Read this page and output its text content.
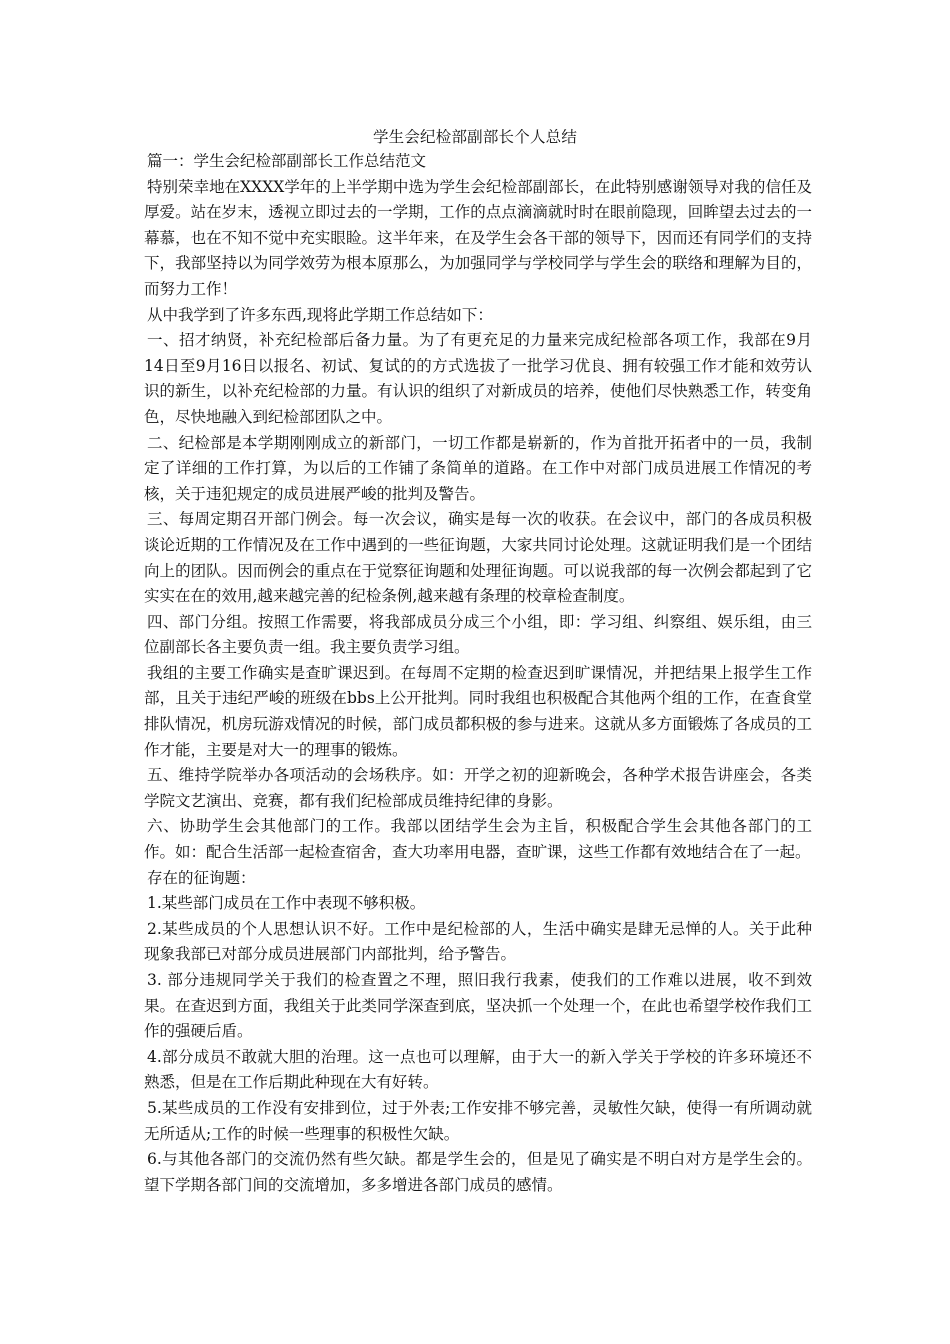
学生会纪检部副部长个人总结

篇一：学生会纪检部副部长工作总结范文

特别荣幸地在XXXX学年的上半学期中选为学生会纪检部副部长，在此特别感谢领导对我的信任及厚爱。站在岁末，透视立即过去的一学期，工作的点点滴滴就时时在眼前隐现，回眸望去过去的一幕慕，也在不知不觉中充实眼睑。这半年来，在及学生会各干部的领导下，因而还有同学们的支持下，我部坚持以为同学效劳为根本原那么，为加强同学与学校同学与学生会的联络和理解为目的，而努力工作！

从中我学到了许多东西,现将此学期工作总结如下：

一、招才纳贤，补充纪检部后备力量。为了有更充足的力量来完成纪检部各项工作，我部在9月14日至9月16日以报名、初试、复试的的方式选拔了一批学习优良、拥有较强工作才能和效劳认识的新生，以补充纪检部的力量。有认识的组织了对新成员的培养，使他们尽快熟悉工作，转变角色，尽快地融入到纪检部团队之中。

二、纪检部是本学期刚刚成立的新部门，一切工作都是崭新的，作为首批开拓者中的一员，我制定了详细的工作打算，为以后的工作铺了条简单的道路。在工作中对部门成员进展工作情况的考核，关于违犯规定的成员进展严峻的批判及警告。

三、每周定期召开部门例会。每一次会议，确实是每一次的收获。在会议中，部门的各成员积极谈论近期的工作情况及在工作中遇到的一些征询题，大家共同讨论处理。这就证明我们是一个团结向上的团队。因而例会的重点在于觉察征询题和处理征询题。可以说我部的每一次例会都起到了它实实在在的效用,越来越完善的纪检条例,越来越有条理的校章检查制度。

四、部门分组。按照工作需要，将我部成员分成三个小组，即：学习组、纠察组、娱乐组，由三位副部长各主要负责一组。我主要负责学习组。

我组的主要工作确实是查旷课迟到。在每周不定期的检查迟到旷课情况，并把结果上报学生工作部，且关于违纪严峻的班级在bbs上公开批判。同时我组也积极配合其他两个组的工作，在查食堂排队情况，机房玩游戏情况的时候，部门成员都积极的参与进来。这就从多方面锻炼了各成员的工作才能，主要是对大一的理事的锻炼。

五、维持学院举办各项活动的会场秩序。如：开学之初的迎新晚会，各种学术报告讲座会，各类学院文艺演出、竞赛，都有我们纪检部成员维持纪律的身影。

六、协助学生会其他部门的工作。我部以团结学生会为主旨，积极配合学生会其他各部门的工作。如：配合生活部一起检查宿舍，查大功率用电器，查旷课，这些工作都有效地结合在了一起。

存在的征询题：

1.某些部门成员在工作中表现不够积极。

2.某些成员的个人思想认识不好。工作中是纪检部的人，生活中确实是肆无忌惮的人。关于此种现象我部已对部分成员进展部门内部批判，给予警告。

3. 部分违规同学关于我们的检查置之不理，照旧我行我素，使我们的工作难以进展，收不到效果。在查迟到方面，我组关于此类同学深查到底，坚决抓一个处理一个，在此也希望学校作我们工作的强硬后盾。

4.部分成员不敢就大胆的治理。这一点也可以理解，由于大一的新入学关于学校的许多环境还不熟悉，但是在工作后期此种现在大有好转。

5.某些成员的工作没有安排到位，过于外表;工作安排不够完善，灵敏性欠缺，使得一有所调动就无所适从;工作的时候一些理事的积极性欠缺。

6.与其他各部门的交流仍然有些欠缺。都是学生会的，但是见了确实是不明白对方是学生会的。望下学期各部门间的交流增加，多多增进各部门成员的感情。
